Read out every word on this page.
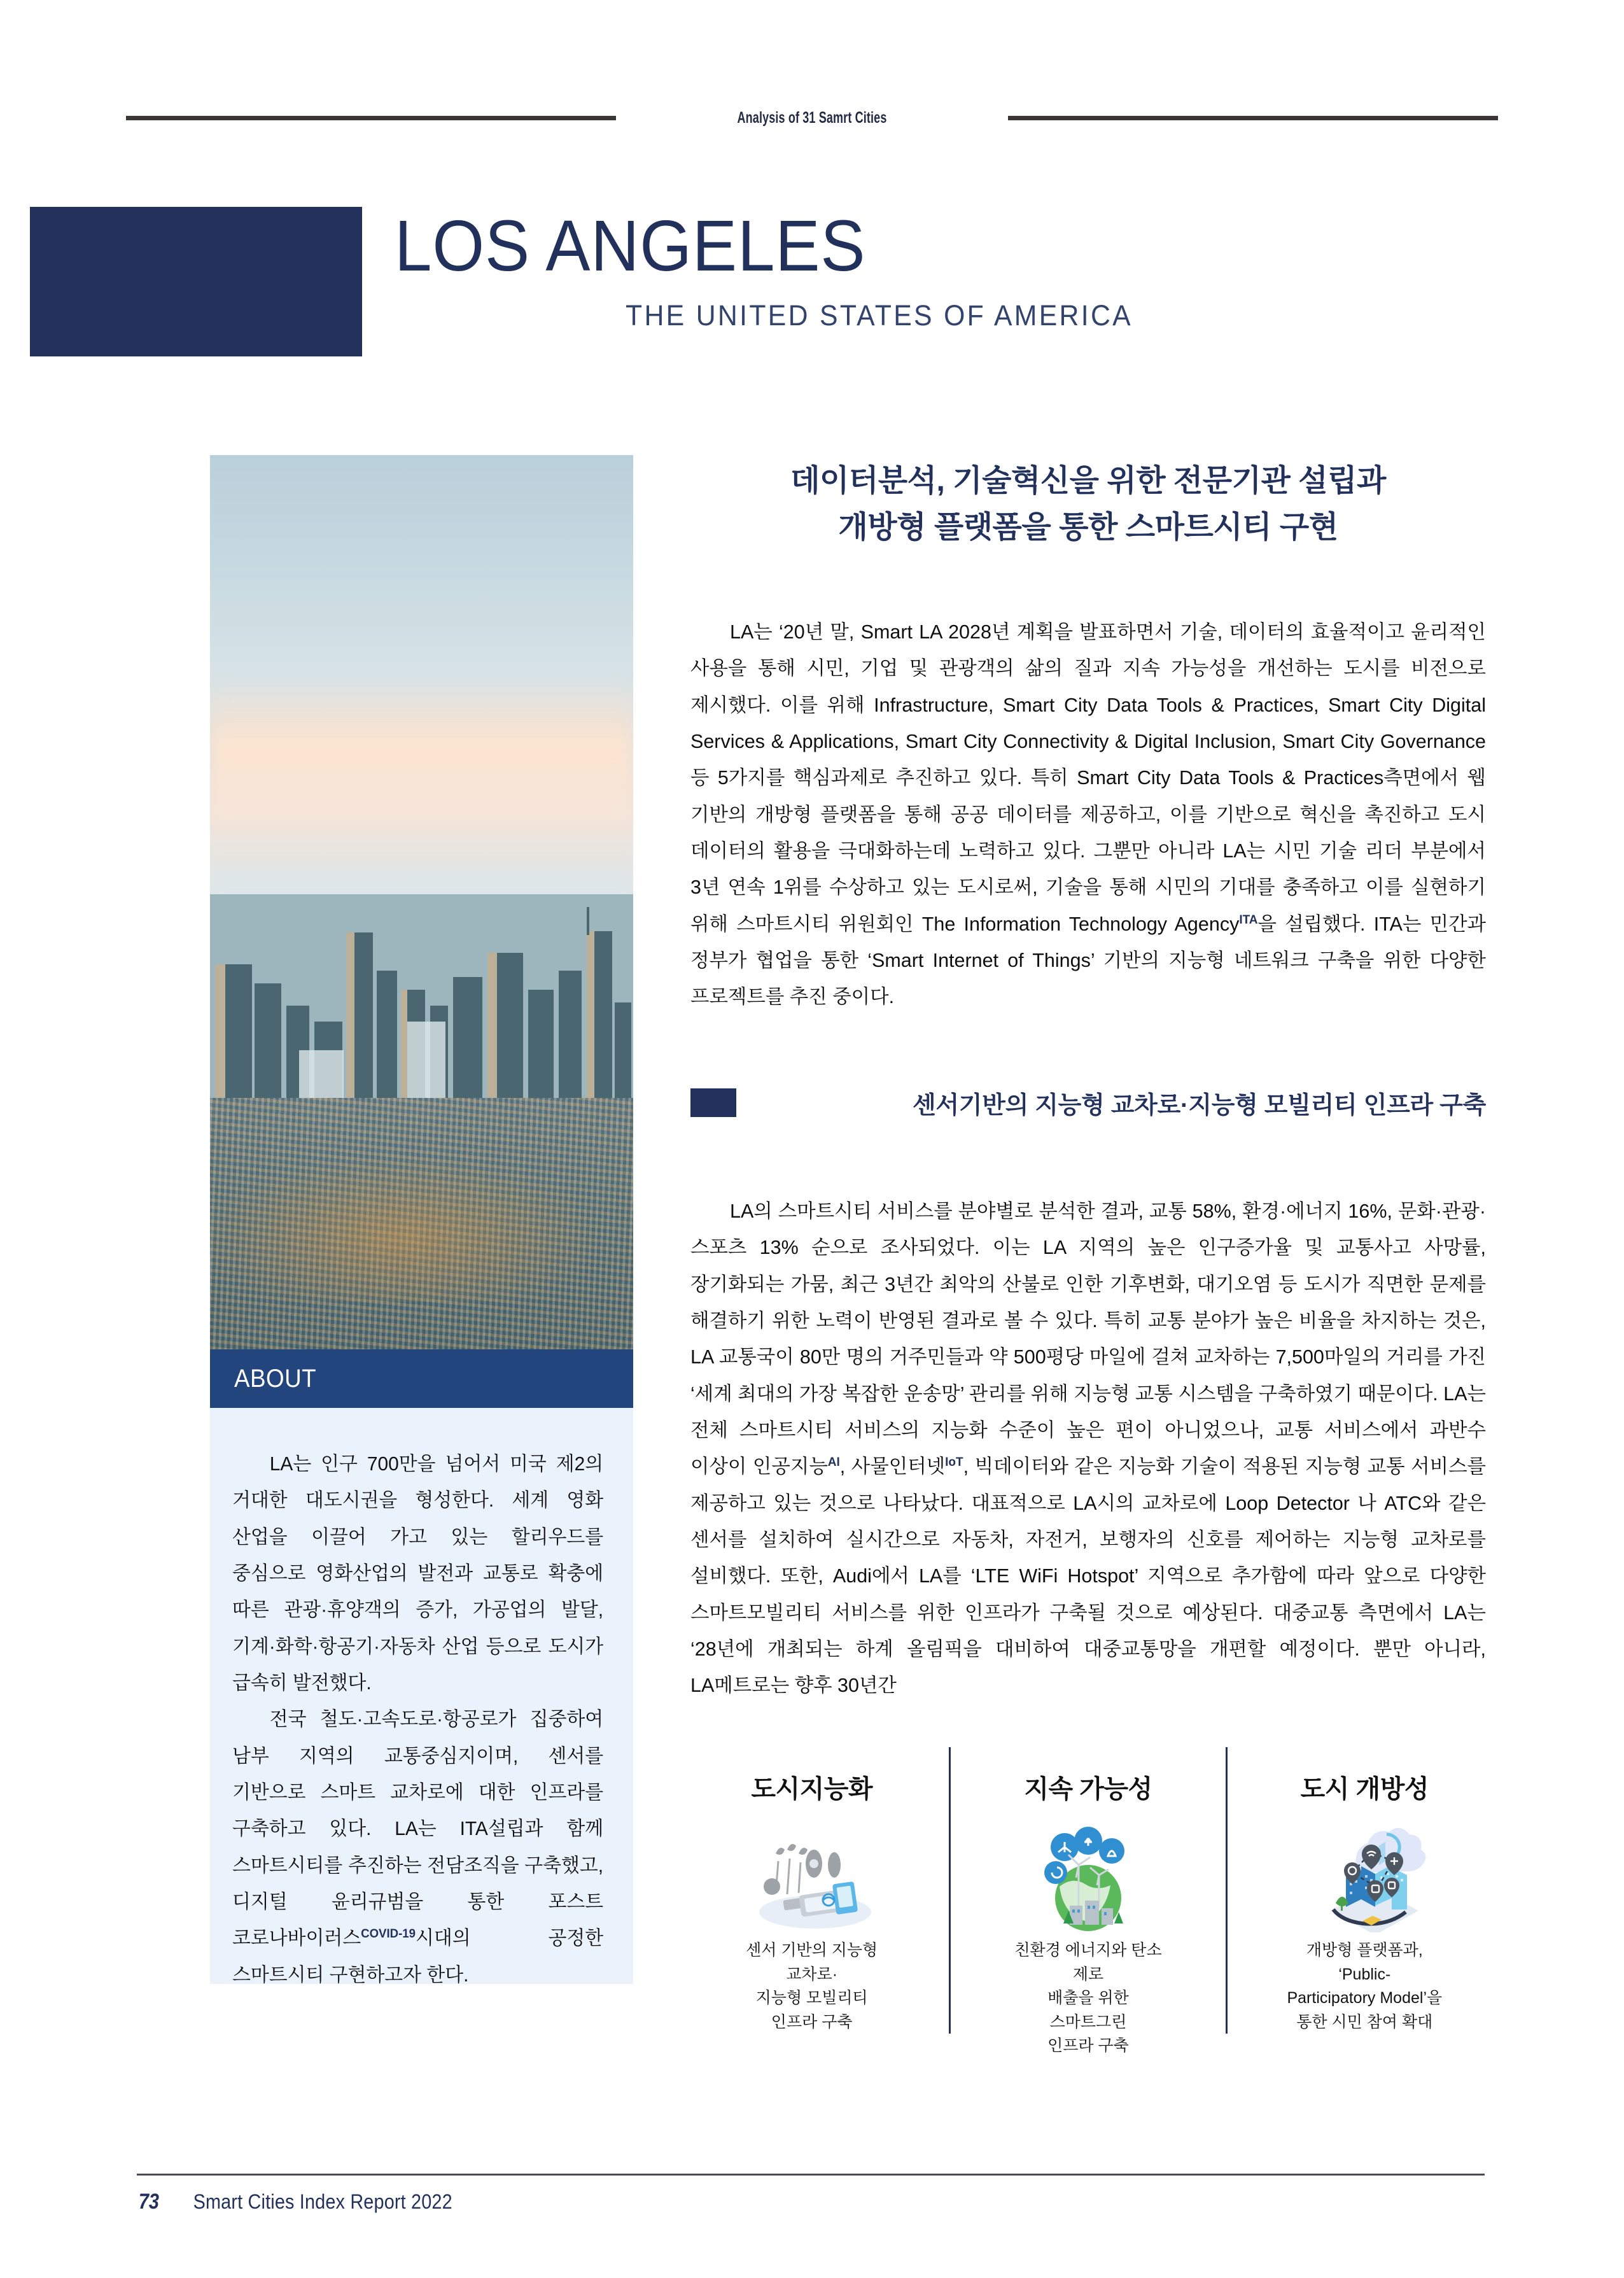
Analysis of 31 Samrt Cities
LOS ANGELES
THE UNITED STATES OF AMERICA
ABOUT

LA는 인구 700만을 넘어서 미국 제2의 거대한 대도시권을 형성한다. 세계 영화 산업을 이끌어 가고 있는 할리우드를 중심으로 영화산업의 발전과 교통로 확충에 따른 관광·휴양객의 증가, 가공업의 발달, 기계·화학·항공기·자동차 산업 등으로 도시가 급속히 발전했다.

전국 철도·고속도로·항공로가 집중하여 남부 지역의 교통중심지이며, 센서를 기반으로 스마트 교차로에 대한 인프라를 구축하고 있다. LA는 ITA설립과 함께 스마트시티를 추진하는 전담조직을 구축했고, 디지털 윤리규범을 통한 포스트 코로나바이러스$^{COVID-19}$시대의 공정한 스마트시티 구현하고자 한다.

데이터분석, 기술혁신을 위한 전문기관 설립과
개방형 플랫폼을 통한 스마트시티 구현
LA는 ‘20년 말, Smart LA 2028년 계획을 발표하면서 기술, 데이터의 효율적이고 윤리적인 사용을 통해 시민, 기업 및 관광객의 삶의 질과 지속 가능성을 개선하는 도시를 비전으로 제시했다. 이를 위해 Infrastructure, Smart City Data Tools & Practices, Smart City Digital Services & Applications, Smart City Connectivity & Digital Inclusion, Smart City Governance 등 5가지를 핵심과제로 추진하고 있다. 특히 Smart City Data Tools & Practices측면에서 웹 기반의 개방형 플랫폼을 통해 공공 데이터를 제공하고, 이를 기반으로 혁신을 촉진하고 도시 데이터의 활용을 극대화하는데 노력하고 있다. 그뿐만 아니라 LA는 시민 기술 리더 부분에서 3년 연속 1위를 수상하고 있는 도시로써, 기술을 통해 시민의 기대를 충족하고 이를 실현하기 위해 스마트시티 위원회인 The Information Technology Agency$^{ITA}$을 설립했다. ITA는 민간과 정부가 협업을 통한 ‘Smart Internet of Things’ 기반의 지능형 네트워크 구축을 위한 다양한 프로젝트를 추진 중이다.
센서기반의 지능형 교차로·지능형 모빌리티 인프라 구축
LA의 스마트시티 서비스를 분야별로 분석한 결과, 교통 58%, 환경·에너지 16%, 문화·관광·스포츠 13% 순으로 조사되었다. 이는 LA 지역의 높은 인구증가율 및 교통사고 사망률, 장기화되는 가뭄, 최근 3년간 최악의 산불로 인한 기후변화, 대기오염 등 도시가 직면한 문제를 해결하기 위한 노력이 반영된 결과로 볼 수 있다. 특히 교통 분야가 높은 비율을 차지하는 것은, LA 교통국이 80만 명의 거주민들과 약 500평당 마일에 걸쳐 교차하는 7,500마일의 거리를 가진 ‘세계 최대의 가장 복잡한 운송망’ 관리를 위해 지능형 교통 시스템을 구축하였기 때문이다. LA는 전체 스마트시티 서비스의 지능화 수준이 높은 편이 아니었으나, 교통 서비스에서 과반수 이상이 인공지능$^{AI}$, 사물인터넷$^{IoT}$, 빅데이터와 같은 지능화 기술이 적용된 지능형 교통 서비스를 제공하고 있는 것으로 나타났다. 대표적으로 LA시의 교차로에 Loop Detector 나 ATC와 같은 센서를 설치하여 실시간으로 자동차, 자전거, 보행자의 신호를 제어하는 지능형 교차로를 설비했다. 또한, Audi에서 LA를 ‘LTE WiFi Hotspot’ 지역으로 추가함에 따라 앞으로 다양한 스마트모빌리티 서비스를 위한 인프라가 구축될 것으로 예상된다. 대중교통 측면에서 LA는 ‘28년에 개최되는 하계 올림픽을 대비하여 대중교통망을 개편할 예정이다. 뿐만 아니라, LA메트로는 향후 30년간
도시지능화
센서 기반의 지능형 교차로·
지능형 모빌리티 인프라 구축
지속 가능성
친환경 에너지와 탄소 제로
배출을 위한 스마트그린
인프라 구축
도시 개방성
개방형 플랫폼과, ‘Public-
Participatory Model’을
통한 시민 참여 확대
73 Smart Cities Index Report 2022
